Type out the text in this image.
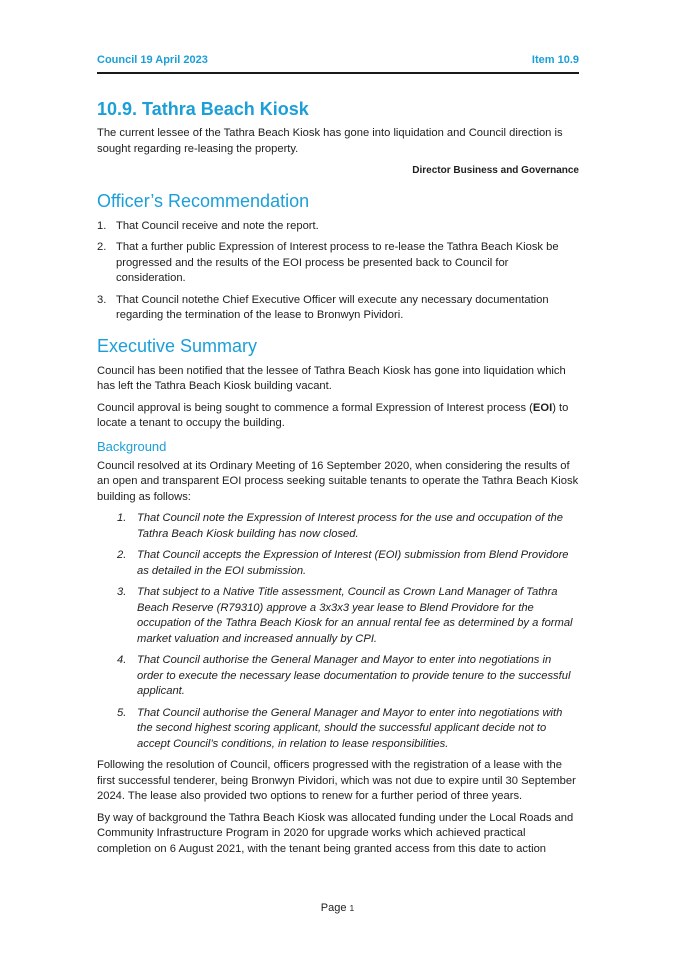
Council 19 April 2023	Item 10.9
10.9. Tathra Beach Kiosk

The current lessee of the Tathra Beach Kiosk has gone into liquidation and Council direction is sought regarding re-leasing the property.

Director Business and Governance
Officer’s Recommendation
1. That Council receive and note the report.
2. That a further public Expression of Interest process to re-lease the Tathra Beach Kiosk be progressed and the results of the EOI process be presented back to Council for consideration.
3. That Council notethe Chief Executive Officer will execute any necessary documentation regarding the termination of the lease to Bronwyn Pividori.
Executive Summary

Council has been notified that the lessee of Tathra Beach Kiosk has gone into liquidation which has left the Tathra Beach Kiosk building vacant.

Council approval is being sought to commence a formal Expression of Interest process (EOI) to locate a tenant to occupy the building.

Background

Council resolved at its Ordinary Meeting of 16 September 2020, when considering the results of an open and transparent EOI process seeking suitable tenants to operate the Tathra Beach Kiosk building as follows:

1. That Council note the Expression of Interest process for the use and occupation of the Tathra Beach Kiosk building has now closed.
2. That Council accepts the Expression of Interest (EOI) submission from Blend Providore as detailed in the EOI submission.
3. That subject to a Native Title assessment, Council as Crown Land Manager of Tathra Beach Reserve (R79310) approve a 3x3x3 year lease to Blend Providore for the occupation of the Tathra Beach Kiosk for an annual rental fee as determined by a formal market valuation and increased annually by CPI.
4. That Council authorise the General Manager and Mayor to enter into negotiations in order to execute the necessary lease documentation to provide tenure to the successful applicant.
5. That Council authorise the General Manager and Mayor to enter into negotiations with the second highest scoring applicant, should the successful applicant decide not to accept Council’s conditions, in relation to lease responsibilities.

Following the resolution of Council, officers progressed with the registration of a lease with the first successful tenderer, being Bronwyn Pividori, which was not due to expire until 30 September 2024. The lease also provided two options to renew for a further period of three years.

By way of background the Tathra Beach Kiosk was allocated funding under the Local Roads and Community Infrastructure Program in 2020 for upgrade works which achieved practical completion on 6 August 2021, with the tenant being granted access from this date to action

Page 1
